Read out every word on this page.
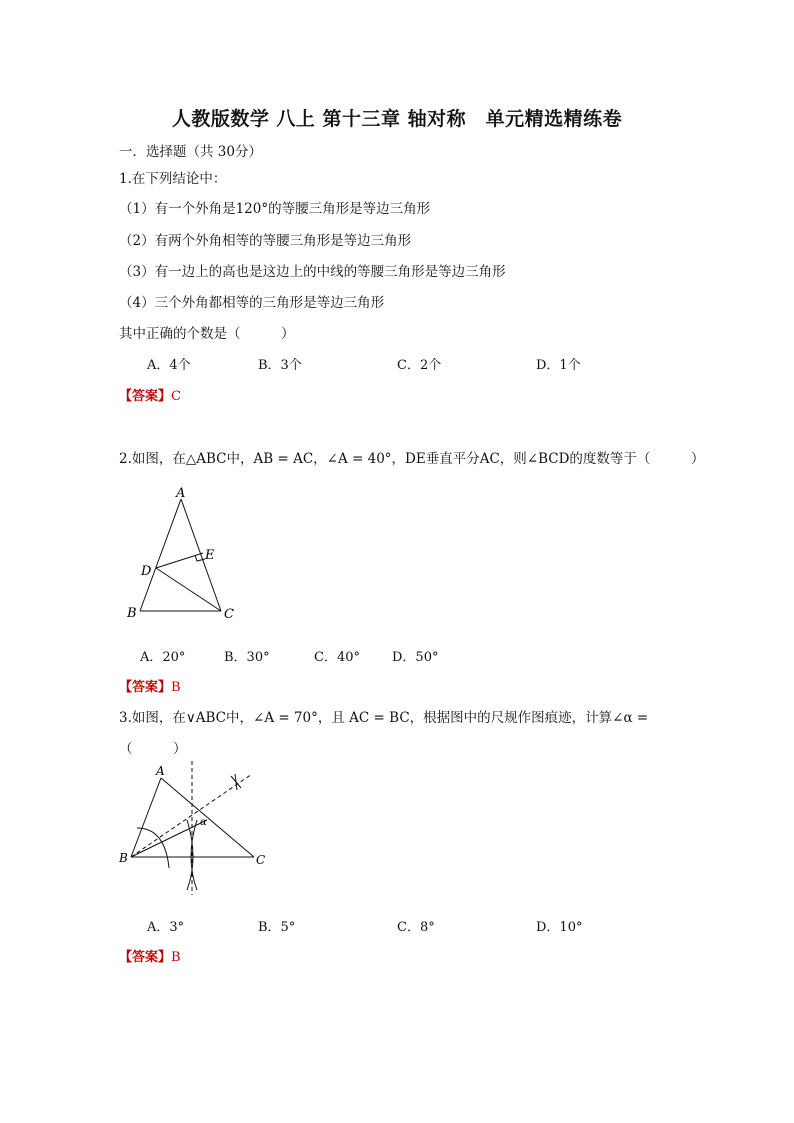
人教版数学 八上 第十三章 轴对称　单元精选精练卷
一．选择题（共 30分）
1.在下列结论中：
（1）有一个外角是120°的等腰三角形是等边三角形
（2）有两个外角相等的等腰三角形是等边三角形
（3）有一边上的高也是这边上的中线的等腰三角形是等边三角形
（4）三个外角都相等的三角形是等边三角形
其中正确的个数是（　　　）
A．4个	B．3个	C．2个	D．1个
【答案】C
2.如图，在△ABC中，AB = AC，∠A = 40°，DE垂直平分AC，则∠BCD的度数等于（　　　）
A
E
D
B	C
A．20°	B．30°	C．40° D．50°
【答案】B
3.如图，在∨ABC中，∠A = 70°，且 AC = BC，根据图中的尺规作图痕迹，计算∠α =
（　　　）
A
B	C
α
A．3°	B．5°	C．8°	D．10°
【答案】B
